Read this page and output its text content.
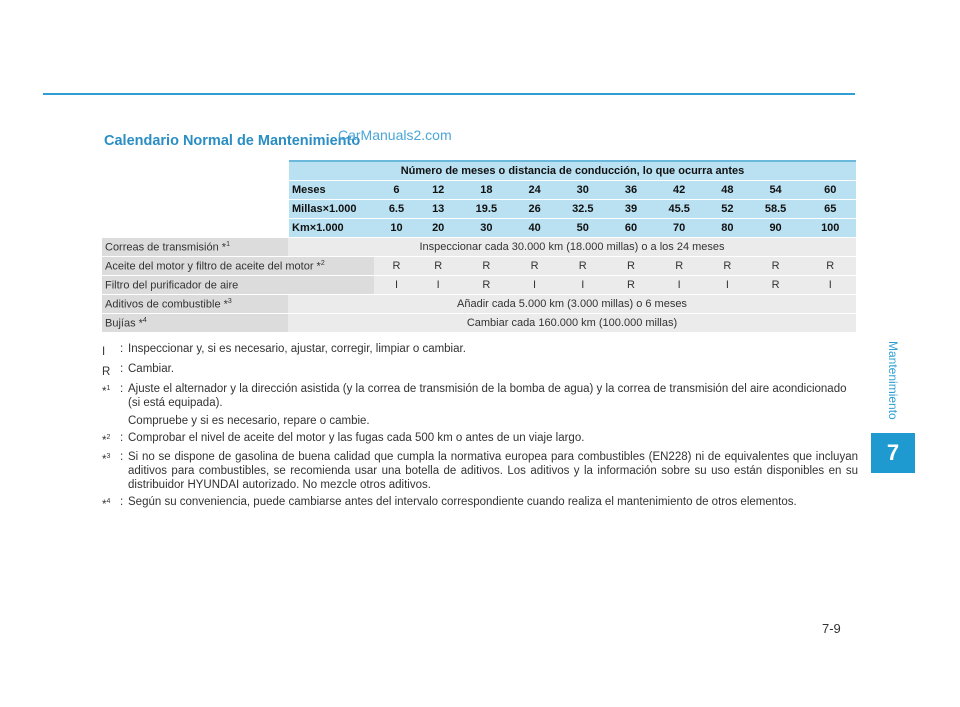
Calendario Normal de Mantenimiento
CarManuals2.com
	Número de meses o distancia de conducción, lo que ocurra antes										
	Meses	6	12	18	24	30	36	42	48	54	60
	Millas×1.000	6.5	13	19.5	26	32.5	39	45.5	52	58.5	65
	Km×1.000	10	20	30	40	50	60	70	80	90	100
Correas de transmisión *$^1$	Inspeccionar cada 30.000 km (18.000 millas) o a los 24 meses										
Aceite del motor y filtro de aceite del motor *$^2$		R	R	R	R	R	R	R	R	R	R
Filtro del purificador de aire		I	I	R	I	I	R	I	I	R	I
Aditivos de combustible *$^3$	Añadir cada 5.000 km (3.000 millas) o 6 meses										
Bujías *$^4$	Cambiar cada 160.000 km (100.000 millas)										
I	: Inspeccionar y, si es necesario, ajustar, corregir, limpiar o cambiar.
R : Cambiar.
*$^1$ : Ajuste el alternador y la dirección asistida (y la correa de transmisión de la bomba de agua) y la correa de transmisión del aire acondicionado (si está equipada).
Compruebe y si es necesario, repare o cambie.
*$^2$ : Comprobar el nivel de aceite del motor y las fugas cada 500 km o antes de un viaje largo.
*$^3$ : Si no se dispone de gasolina de buena calidad que cumpla la normativa europea para combustibles (EN228) ni de equivalentes que incluyan aditivos para combustibles, se recomienda usar una botella de aditivos. Los aditivos y la información sobre su uso están disponibles en su distribuidor HYUNDAI autorizado. No mezcle otros aditivos.
*$^4$ : Según su conveniencia, puede cambiarse antes del intervalo correspondiente cuando realiza el mantenimiento de otros elementos.
Mantenimiento
7
7-9
